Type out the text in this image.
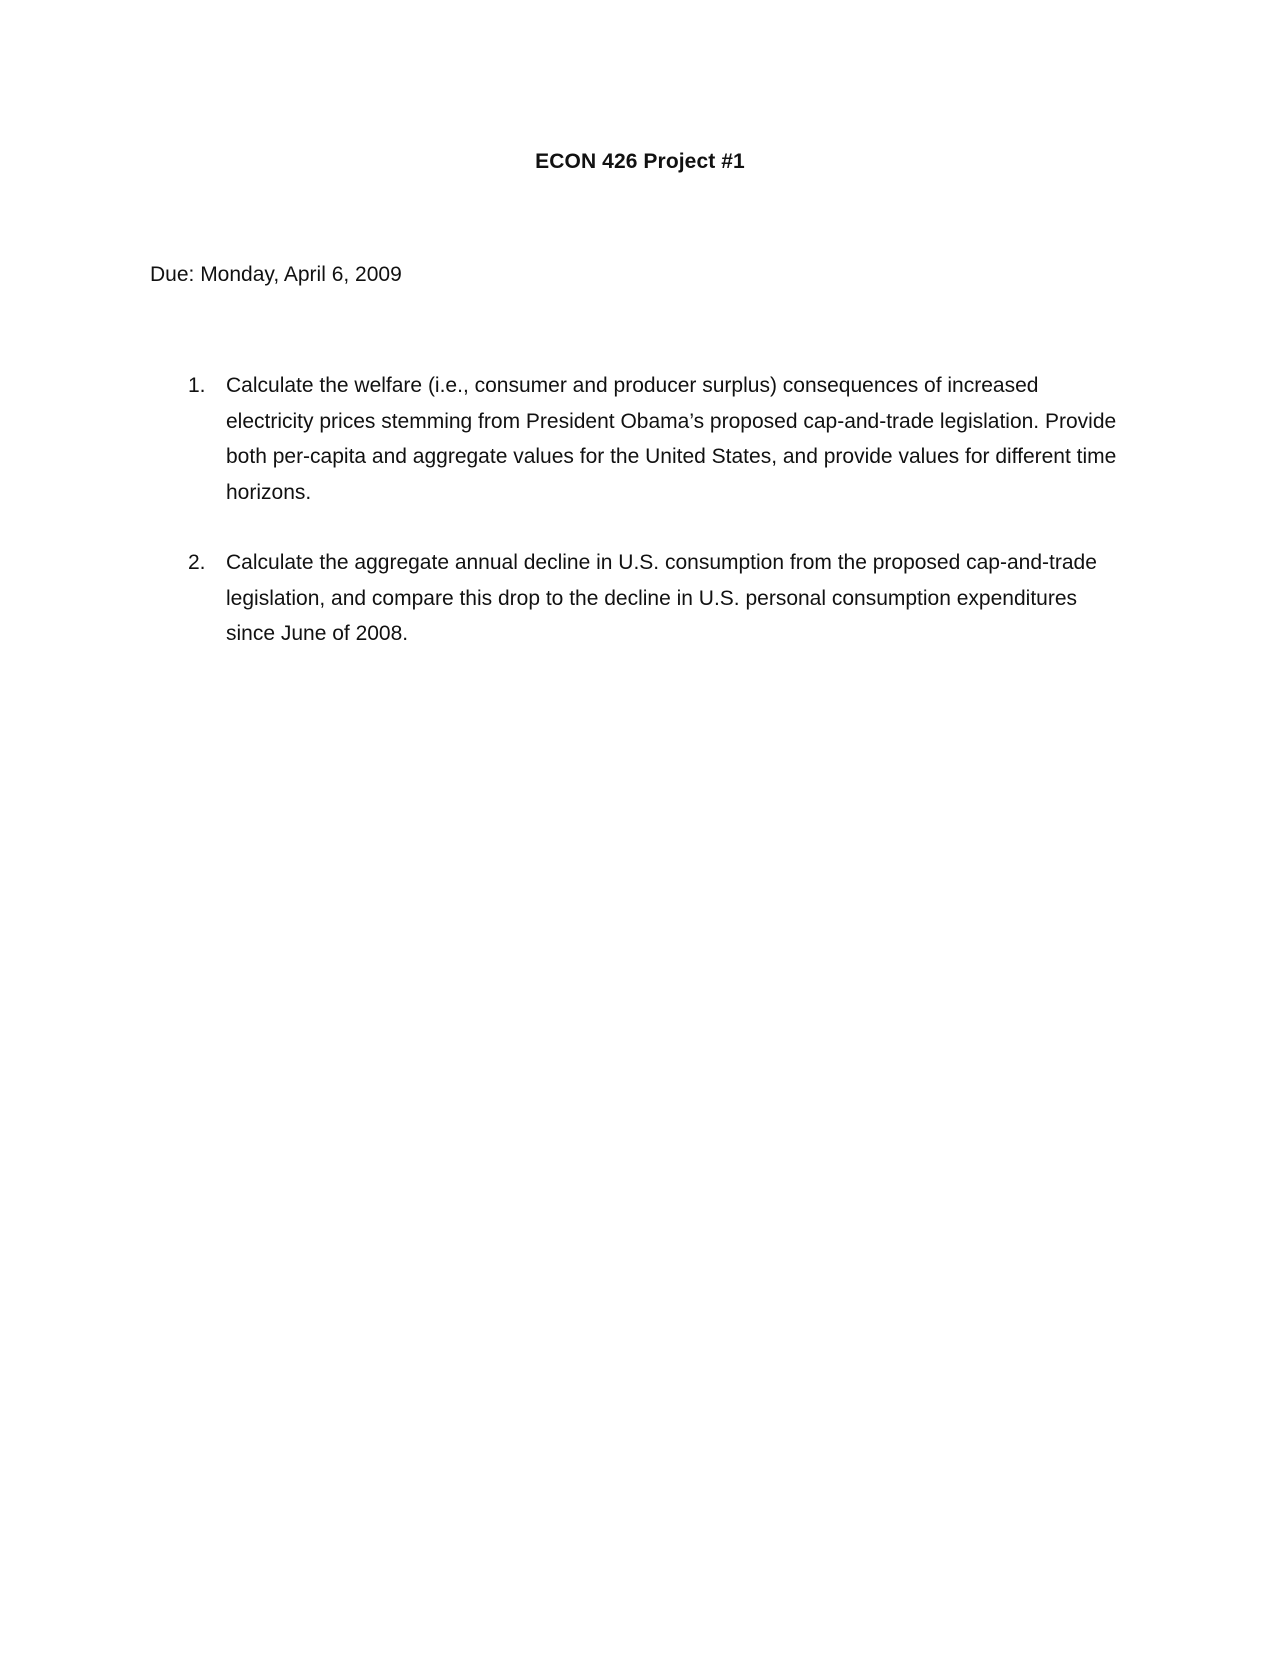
ECON 426 Project #1
Due: Monday, April 6, 2009
1. Calculate the welfare (i.e., consumer and producer surplus) consequences of increased electricity prices stemming from President Obama’s proposed cap-and-trade legislation. Provide both per-capita and aggregate values for the United States, and provide values for different time horizons.
2. Calculate the aggregate annual decline in U.S. consumption from the proposed cap-and-trade legislation, and compare this drop to the decline in U.S. personal consumption expenditures since June of 2008.
